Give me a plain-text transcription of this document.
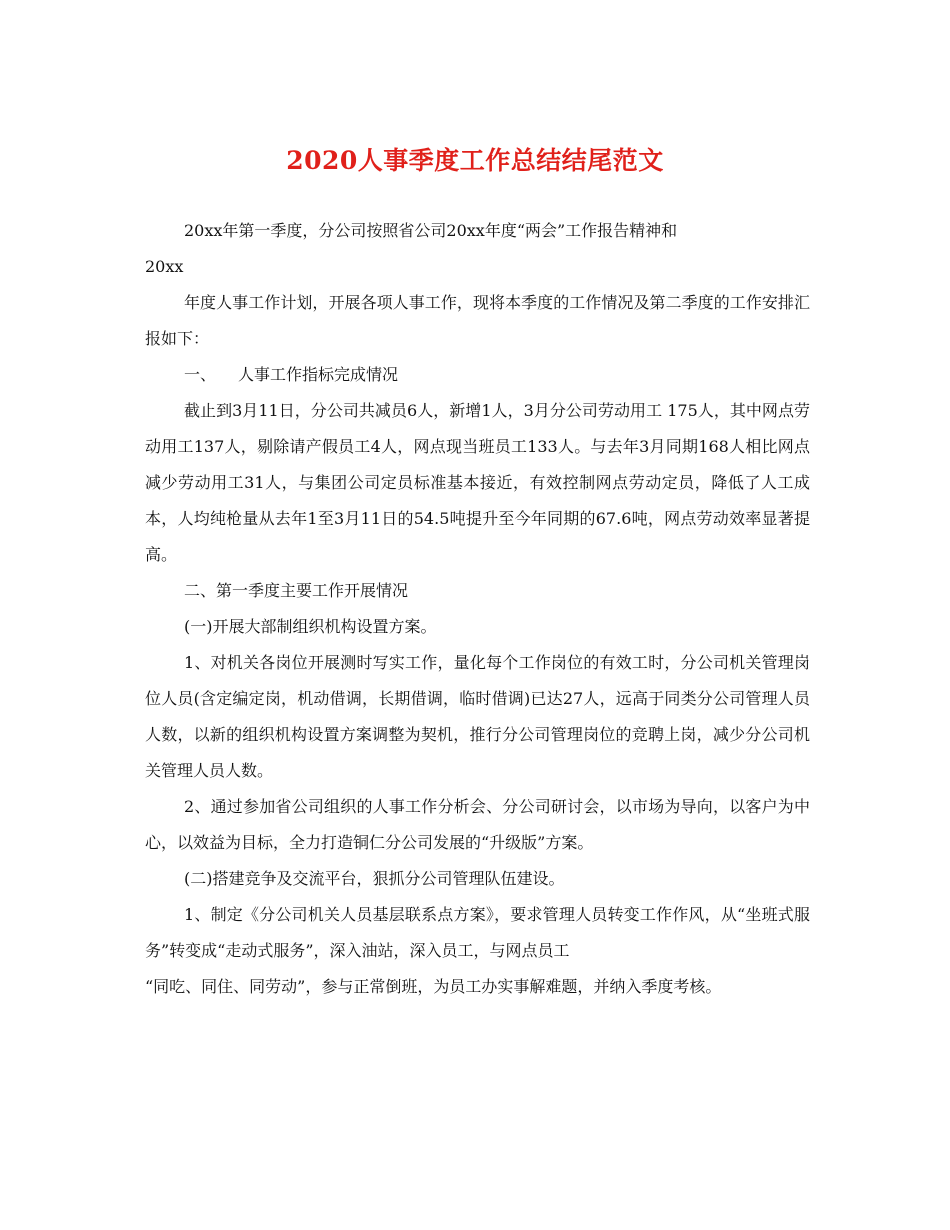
2020人事季度工作总结结尾范文

20xx年第一季度，分公司按照省公司20xx年度“两会”工作报告精神和

20xx

年度人事工作计划，开展各项人事工作，现将本季度的工作情况及第二季度的工作安排汇报如下：

一、 人事工作指标完成情况

截止到3月11日，分公司共减员6人，新增1人，3月分公司劳动用工 175人，其中网点劳动用工137人，剔除请产假员工4人，网点现当班员工133人。与去年3月同期168人相比网点减少劳动用工31人，与集团公司定员标准基本接近，有效控制网点劳动定员，降低了人工成本，人均纯枪量从去年1至3月11日的54.5吨提升至今年同期的67.6吨，网点劳动效率显著提高。

二、第一季度主要工作开展情况

(一)开展大部制组织机构设置方案。

1、对机关各岗位开展测时写实工作，量化每个工作岗位的有效工时，分公司机关管理岗位人员(含定编定岗，机动借调，长期借调，临时借调)已达27人，远高于同类分公司管理人员人数，以新的组织机构设置方案调整为契机，推行分公司管理岗位的竞聘上岗，减少分公司机关管理人员人数。

2、通过参加省公司组织的人事工作分析会、分公司研讨会，以市场为导向，以客户为中心，以效益为目标，全力打造铜仁分公司发展的“升级版”方案。

(二)搭建竞争及交流平台，狠抓分公司管理队伍建设。

1、制定《分公司机关人员基层联系点方案》，要求管理人员转变工作作风，从“坐班式服务”转变成“走动式服务”，深入油站，深入员工，与网点员工

“同吃、同住、同劳动”，参与正常倒班，为员工办实事解难题，并纳入季度考核。
